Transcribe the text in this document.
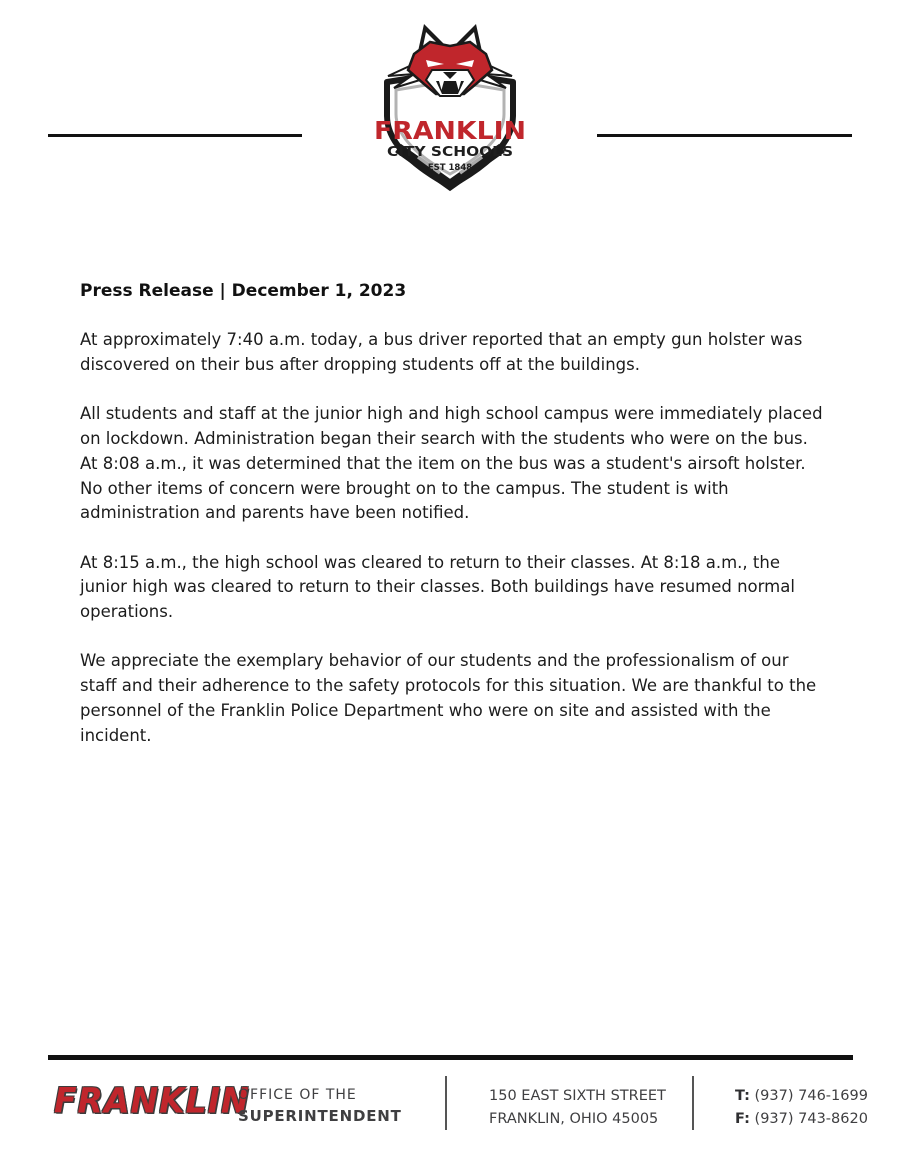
FRANKLIN
CITY SCHOOLS
EST 1848
Press Release | December 1, 2023

At approximately 7:40 a.m. today, a bus driver reported that an empty gun holster was discovered on their bus after dropping students off at the buildings.

All students and staff at the junior high and high school campus were immediately placed on lockdown. Administration began their search with the students who were on the bus. At 8:08 a.m., it was determined that the item on the bus was a student's airsoft holster. No other items of concern were brought on to the campus. The student is with administration and parents have been notified.

At 8:15 a.m., the high school was cleared to return to their classes. At 8:18 a.m., the junior high was cleared to return to their classes. Both buildings have resumed normal operations.

We appreciate the exemplary behavior of our students and the professionalism of our staff and their adherence to the safety protocols for this situation. We are thankful to the personnel of the Franklin Police Department who were on site and assisted with the incident.

FRANKLIN
OFFICE OF THE
SUPERINTENDENT
150 EAST SIXTH STREET
FRANKLIN, OHIO 45005
T: (937) 746-1699
F: (937) 743-8620
